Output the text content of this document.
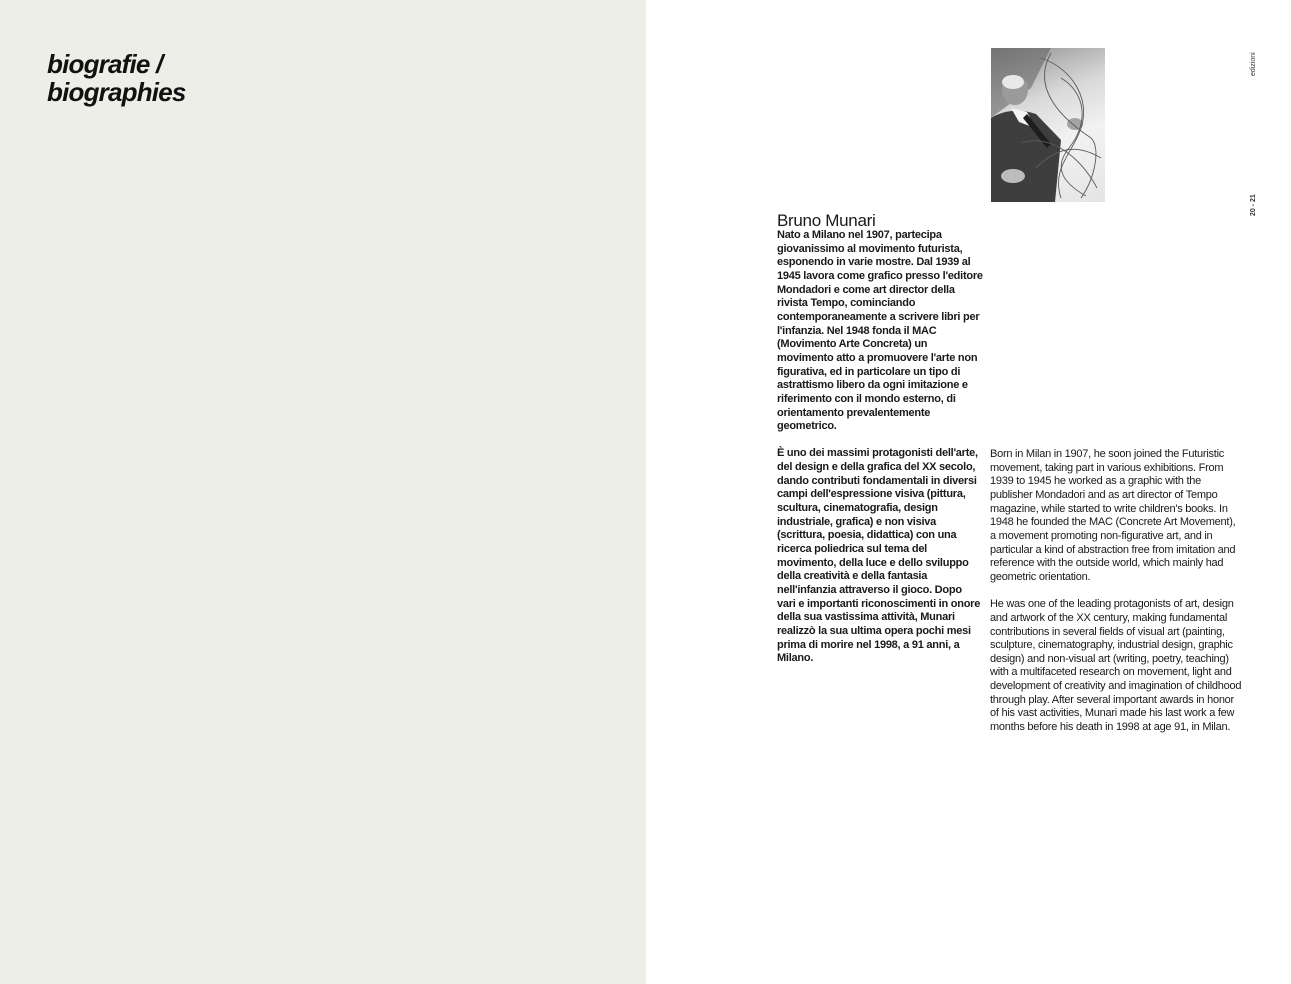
biografie /
biographies
Bruno Munari

Nato a Milano nel 1907, partecipa giovanissimo al movimento futurista, esponendo in varie mostre. Dal 1939 al 1945 lavora come grafico presso l'editore Mondadori e come art director della rivista Tempo, cominciando contemporaneamente a scrivere libri per l'infanzia. Nel 1948 fonda il MAC (Movimento Arte Concreta) un movimento atto a promuovere l'arte non figurativa, ed in particolare un tipo di astrattismo libero da ogni imitazione e riferimento con il mondo esterno, di orientamento prevalentemente geometrico.

È uno dei massimi protagonisti dell'arte, del design e della grafica del XX secolo, dando contributi fondamentali in diversi campi dell'espressione visiva (pittura, scultura, cinematografia, design industriale, grafica) e non visiva (scrittura, poesia, didattica) con una ricerca poliedrica sul tema del movimento, della luce e dello sviluppo della creatività e della fantasia nell'infanzia attraverso il gioco. Dopo vari e importanti riconoscimenti in onore della sua vastissima attività, Munari realizzò la sua ultima opera pochi mesi prima di morire nel 1998, a 91 anni, a Milano.

Born in Milan in 1907, he soon joined the Futuristic movement, taking part in various exhibitions. From 1939 to 1945 he worked as a graphic with the publisher Mondadori and as art director of Tempo magazine, while started to write children's books. In 1948 he founded the MAC (Concrete Art Movement), a movement promoting non-figurative art, and in particular a kind of abstraction free from imitation and reference with the outside world, which mainly had geometric orientation.

He was one of the leading protagonists of art, design and artwork of the XX century, making fundamental contributions in several fields of visual art (painting, sculpture, cinematography, industrial design, graphic design) and non-visual art (writing, poetry, teaching) with a multifaceted research on movement, light and development of creativity and imagination of childhood through play. After several important awards in honor of his vast activities, Munari made his last work a few months before his death in 1998 at age 91, in Milan.

edizioni
20 - 21
